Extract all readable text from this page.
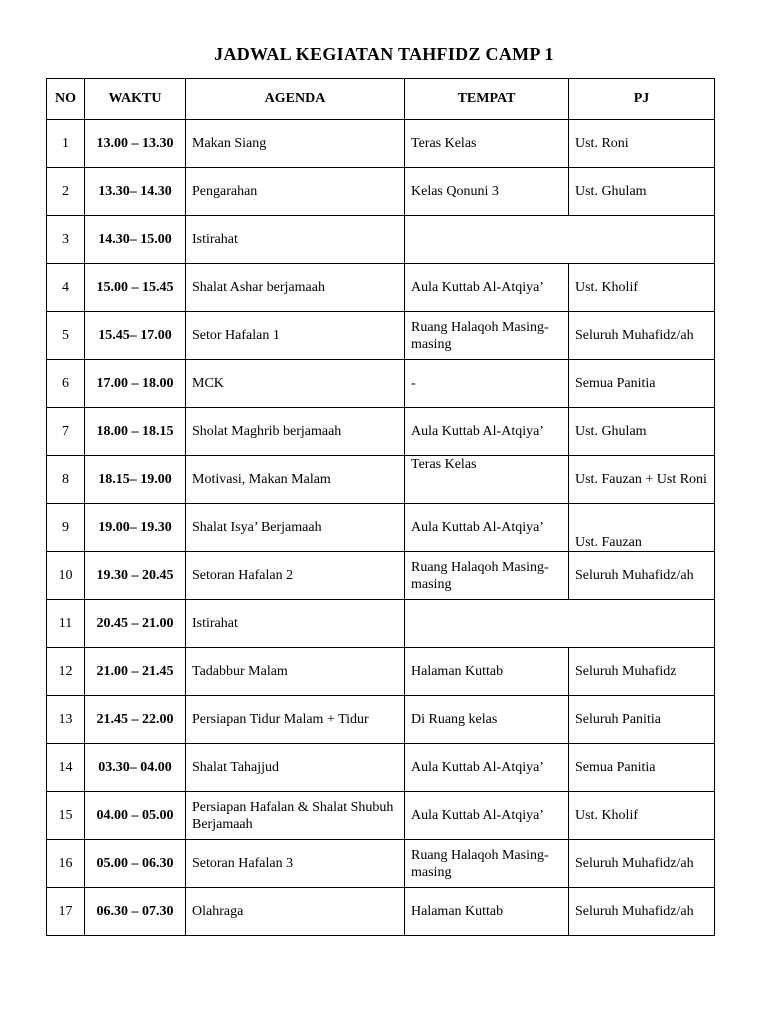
JADWAL KEGIATAN TAHFIDZ CAMP 1
NO	WAKTU	AGENDA	TEMPAT	PJ
1	13.00 – 13.30	Makan Siang	Teras Kelas	Ust. Roni
2	13.30– 14.30	Pengarahan	Kelas Qonuni 3	Ust. Ghulam
3	14.30– 15.00	Istirahat		
4	15.00 – 15.45	Shalat Ashar berjamaah	Aula Kuttab Al-Atqiya’	Ust. Kholif
5	15.45– 17.00	Setor Hafalan 1	Ruang Halaqoh Masing-masing	Seluruh Muhafidz/ah
6	17.00 – 18.00	MCK	-	Semua Panitia
7	18.00 – 18.15	Sholat Maghrib berjamaah	Aula Kuttab Al-Atqiya’	Ust. Ghulam
8	18.15– 19.00	Motivasi, Makan Malam	Teras Kelas	Ust. Fauzan + Ust Roni
9	19.00– 19.30	Shalat Isya’ Berjamaah	Aula Kuttab Al-Atqiya’	Ust. Fauzan
10	19.30 – 20.45	Setoran Hafalan 2	Ruang Halaqoh Masing-masing	Seluruh Muhafidz/ah
11	20.45 – 21.00	Istirahat		
12	21.00 – 21.45	Tadabbur Malam	Halaman Kuttab	Seluruh Muhafidz
13	21.45 – 22.00	Persiapan Tidur Malam + Tidur	Di Ruang kelas	Seluruh Panitia
14	03.30– 04.00	Shalat Tahajjud	Aula Kuttab Al-Atqiya’	Semua Panitia
15	04.00 – 05.00	Persiapan Hafalan & Shalat Shubuh Berjamaah	Aula Kuttab Al-Atqiya’	Ust. Kholif
16	05.00 – 06.30	Setoran Hafalan 3	Ruang Halaqoh Masing-masing	Seluruh Muhafidz/ah
17	06.30 – 07.30	Olahraga	Halaman Kuttab	Seluruh Muhafidz/ah
